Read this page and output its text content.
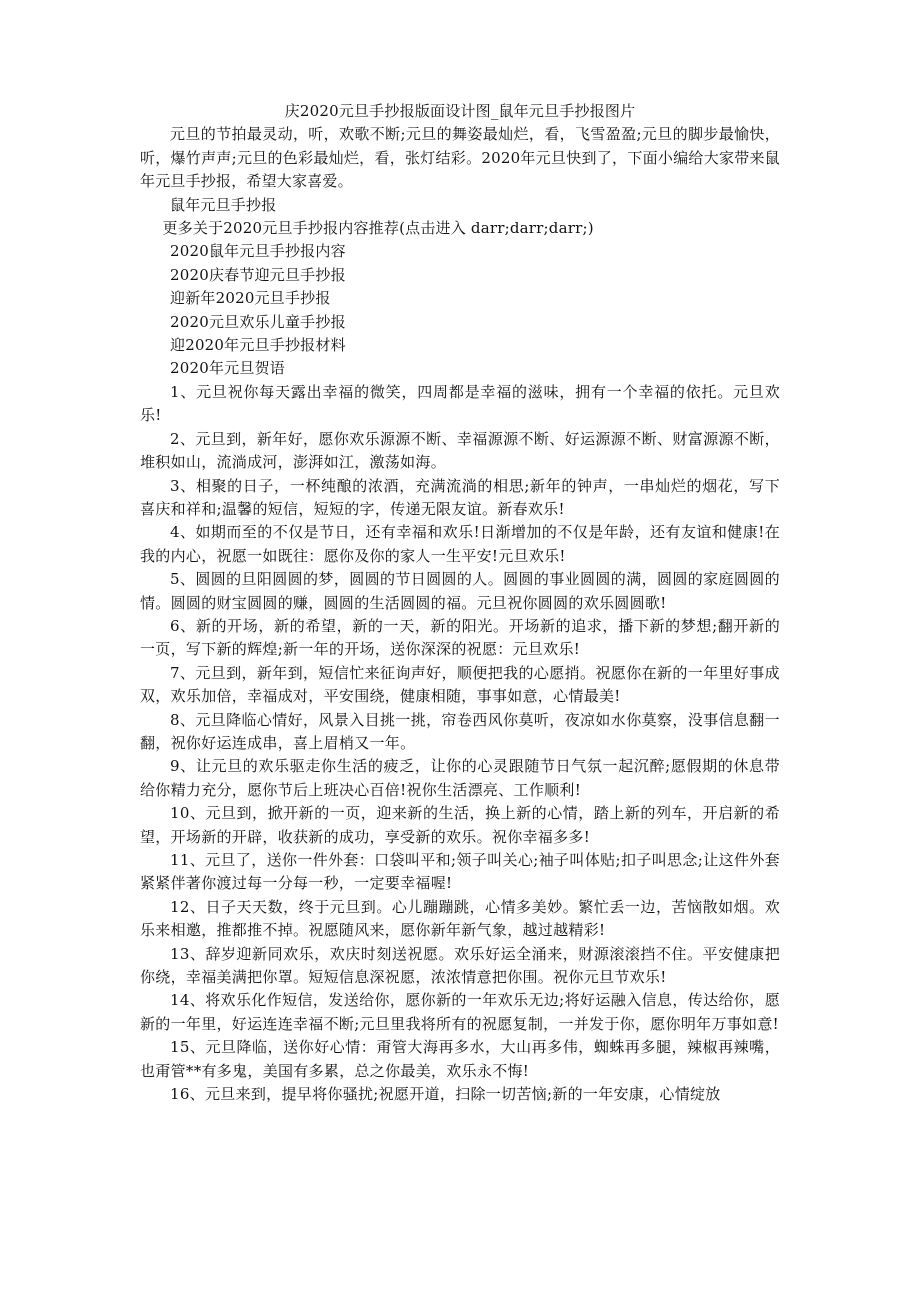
庆2020元旦手抄报版面设计图_鼠年元旦手抄报图片

元旦的节拍最灵动，听，欢歌不断;元旦的舞姿最灿烂，看，飞雪盈盈;元旦的脚步最愉快，听，爆竹声声;元旦的色彩最灿烂，看，张灯结彩。2020年元旦快到了，下面小编给大家带来鼠年元旦手抄报，希望大家喜爱。

鼠年元旦手抄报

更多关于2020元旦手抄报内容推荐(点击进入 darr;darr;darr;)

2020鼠年元旦手抄报内容

2020庆春节迎元旦手抄报

迎新年2020元旦手抄报

2020元旦欢乐儿童手抄报

迎2020年元旦手抄报材料

2020年元旦贺语

1、元旦祝你每天露出幸福的微笑，四周都是幸福的滋味，拥有一个幸福的依托。元旦欢乐!

2、元旦到，新年好，愿你欢乐源源不断、幸福源源不断、好运源源不断、财富源源不断，堆积如山，流淌成河，澎湃如江，激荡如海。

3、相聚的日子，一杯纯酿的浓酒，充满流淌的相思;新年的钟声，一串灿烂的烟花，写下喜庆和祥和;温馨的短信，短短的字，传递无限友谊。新春欢乐!

4、如期而至的不仅是节日，还有幸福和欢乐!日渐增加的不仅是年龄，还有友谊和健康!在我的内心，祝愿一如既往：愿你及你的家人一生平安!元旦欢乐!

5、圆圆的旦阳圆圆的梦，圆圆的节日圆圆的人。圆圆的事业圆圆的满，圆圆的家庭圆圆的情。圆圆的财宝圆圆的赚，圆圆的生活圆圆的福。元旦祝你圆圆的欢乐圆圆歌!

6、新的开场，新的希望，新的一天，新的阳光。开场新的追求，播下新的梦想;翻开新的一页，写下新的辉煌;新一年的开场，送你深深的祝愿：元旦欢乐!

7、元旦到，新年到，短信忙来征询声好，顺便把我的心愿捎。祝愿你在新的一年里好事成双，欢乐加倍，幸福成对，平安围绕，健康相随，事事如意，心情最美!

8、元旦降临心情好，风景入目挑一挑，帘卷西风你莫听，夜凉如水你莫察，没事信息翻一翻，祝你好运连成串，喜上眉梢又一年。

9、让元旦的欢乐驱走你生活的疲乏，让你的心灵跟随节日气氛一起沉醉;愿假期的休息带给你精力充分，愿你节后上班决心百倍!祝你生活漂亮、工作顺利!

10、元旦到，掀开新的一页，迎来新的生活，换上新的心情，踏上新的列车，开启新的希望，开场新的开辟，收获新的成功，享受新的欢乐。祝你幸福多多!

11、元旦了，送你一件外套：口袋叫平和;领子叫关心;袖子叫体贴;扣子叫思念;让这件外套紧紧伴著你渡过每一分每一秒，一定要幸福喔!

12、日子天天数，终于元旦到。心儿蹦蹦跳，心情多美妙。繁忙丢一边，苦恼散如烟。欢乐来相邀，推都推不掉。祝愿随风来，愿你新年新气象，越过越精彩!

13、辞岁迎新同欢乐，欢庆时刻送祝愿。欢乐好运全涌来，财源滚滚挡不住。平安健康把你绕，幸福美满把你罩。短短信息深祝愿，浓浓情意把你围。祝你元旦节欢乐!

14、将欢乐化作短信，发送给你，愿你新的一年欢乐无边;将好运融入信息，传达给你，愿新的一年里，好运连连幸福不断;元旦里我将所有的祝愿复制，一并发于你，愿你明年万事如意!

15、元旦降临，送你好心情：甭管大海再多水，大山再多伟，蜘蛛再多腿，辣椒再辣嘴，也甭管**有多鬼，美国有多累，总之你最美，欢乐永不悔!

16、元旦来到，提早将你骚扰;祝愿开道，扫除一切苦恼;新的一年安康，心情绽放
